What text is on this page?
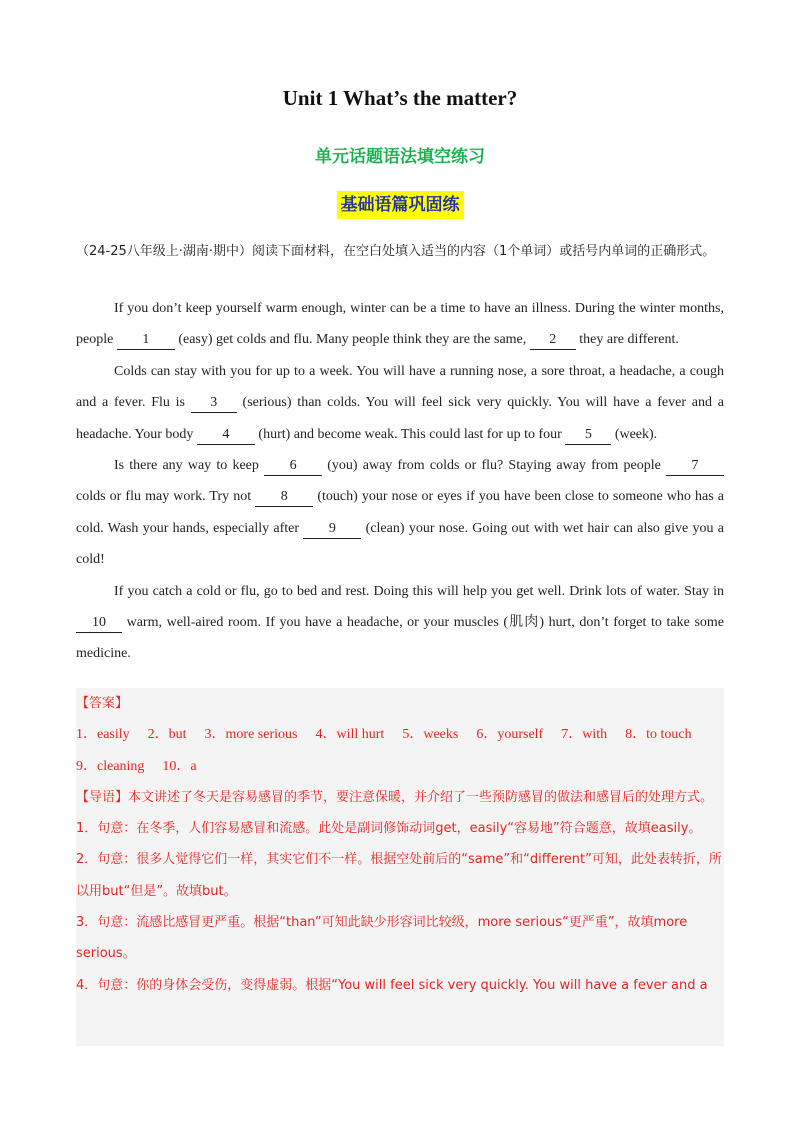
Unit 1 What’s the matter?
单元话题语法填空练习
基础语篇巩固练
（24-25八年级上·湖南·期中）阅读下面材料，在空白处填入适当的内容（1个单词）或括号内单词的正确形式。

If you don’t keep yourself warm enough, winter can be a time to have an illness. During the winter months, people 1 (easy) get colds and flu. Many people think they are the same, 2 they are different.

Colds can stay with you for up to a week. You will have a running nose, a sore throat, a headache, a cough and a fever. Flu is 3 (serious) than colds. You will feel sick very quickly. You will have a fever and a headache. Your body 4 (hurt) and become weak. This could last for up to four 5 (week).

Is there any way to keep 6 (you) away from colds or flu? Staying away from people 7 colds or flu may work. Try not 8 (touch) your nose or eyes if you have been close to someone who has a cold. Wash your hands, especially after 9 (clean) your nose. Going out with wet hair can also give you a cold!

If you catch a cold or flu, go to bed and rest. Doing this will help you get well. Drink lots of water. Stay in 10 warm, well-aired room. If you have a headache, or your muscles (肌肉) hurt, don’t forget to take some medicine.

【答案】
1．easily 2．but 3．more serious 4．will hurt 5．weeks 6．yourself 7．with 8．to touch9．cleaning 10．a

【导语】本文讲述了冬天是容易感冒的季节，要注意保暖，并介绍了一些预防感冒的做法和感冒后的处理方式。

1．句意：在冬季，人们容易感冒和流感。此处是副词修饰动词get，easily“容易地”符合题意，故填easily。

2．句意：很多人觉得它们一样，其实它们不一样。根据空处前后的“same”和“different”可知，此处表转折，所以用but“但是”。故填but。

3．句意：流感比感冒更严重。根据“than”可知此缺少形容词比较级，more serious“更严重”，故填more serious。

4．句意：你的身体会受伤，变得虚弱。根据“You will feel sick very quickly. You will have a fever and a
